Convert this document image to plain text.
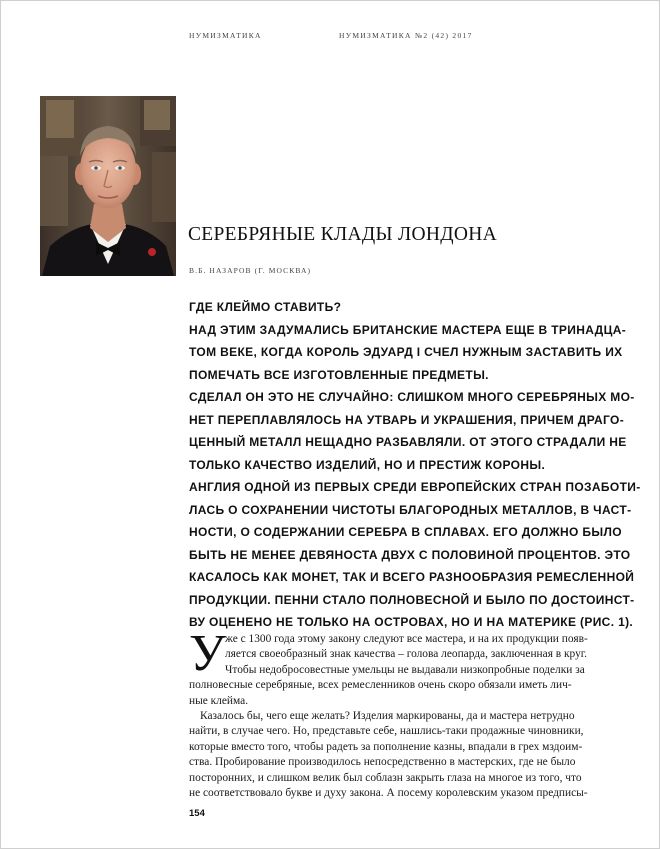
НУМИЗМАТИКА	НУМИЗМАТИКА №2 (42) 2017
СЕРЕБРЯНЫЕ КЛАДЫ ЛОНДОНА
В.Б. НАЗАРОВ (Г. МОСКВА)
ГДЕ КЛЕЙМО СТАВИТЬ?
НАД ЭТИМ ЗАДУМАЛИСЬ БРИТАНСКИЕ МАСТЕРА ЕЩЕ В ТРИНАДЦА-
ТОМ ВЕКЕ, КОГДА КОРОЛЬ ЭДУАРД I СЧЕЛ НУЖНЫМ ЗАСТАВИТЬ ИХ
ПОМЕЧАТЬ ВСЕ ИЗГОТОВЛЕННЫЕ ПРЕДМЕТЫ.
СДЕЛАЛ ОН ЭТО НЕ СЛУЧАЙНО: СЛИШКОМ МНОГО СЕРЕБРЯНЫХ МО-
НЕТ ПЕРЕПЛАВЛЯЛОСЬ НА УТВАРЬ И УКРАШЕНИЯ, ПРИЧЕМ ДРАГО-
ЦЕННЫЙ МЕТАЛЛ НЕЩАДНО РАЗБАВЛЯЛИ. ОТ ЭТОГО СТРАДАЛИ НЕ
ТОЛЬКО КАЧЕСТВО ИЗДЕЛИЙ, НО И ПРЕСТИЖ КОРОНЫ.
АНГЛИЯ ОДНОЙ ИЗ ПЕРВЫХ СРЕДИ ЕВРОПЕЙСКИХ СТРАН ПОЗАБОТИ-
ЛАСЬ О СОХРАНЕНИИ ЧИСТОТЫ БЛАГОРОДНЫХ МЕТАЛЛОВ, В ЧАСТ-
НОСТИ, О СОДЕРЖАНИИ СЕРЕБРА В СПЛАВАХ. ЕГО ДОЛЖНО БЫЛО
БЫТЬ НЕ МЕНЕЕ ДЕВЯНОСТА ДВУХ С ПОЛОВИНОЙ ПРОЦЕНТОВ. ЭТО
КАСАЛОСЬ КАК МОНЕТ, ТАК И ВСЕГО РАЗНООБРАЗИЯ РЕМЕСЛЕННОЙ
ПРОДУКЦИИ. ПЕННИ СТАЛО ПОЛНОВЕСНОЙ И БЫЛО ПО ДОСТОИНСТ-
ВУ ОЦЕНЕНО НЕ ТОЛЬКО НА ОСТРОВАХ, НО И НА МАТЕРИКЕ (РИС. 1).
У же с 1300 года этому закону следуют все мастера, и на их продукции появ-
ляется своеобразный знак качества – голова леопарда, заключенная в круг.
Чтобы недобросовестные умельцы не выдавали низкопробные поделки за
полновесные серебряные, всех ремесленников очень скоро обязали иметь лич-
ные клейма.
Казалось бы, чего еще желать? Изделия маркированы, да и мастера нетрудно
найти, в случае чего. Но, представьте себе, нашлись-таки продажные чиновники,
которые вместо того, чтобы радеть за пополнение казны, впадали в грех мздоим-
ства. Пробирование производилось непосредственно в мастерских, где не было
посторонних, и слишком велик был соблазн закрыть глаза на многое из того, что
не соответствовало букве и духу закона. А посему королевским указом предписы-
154
